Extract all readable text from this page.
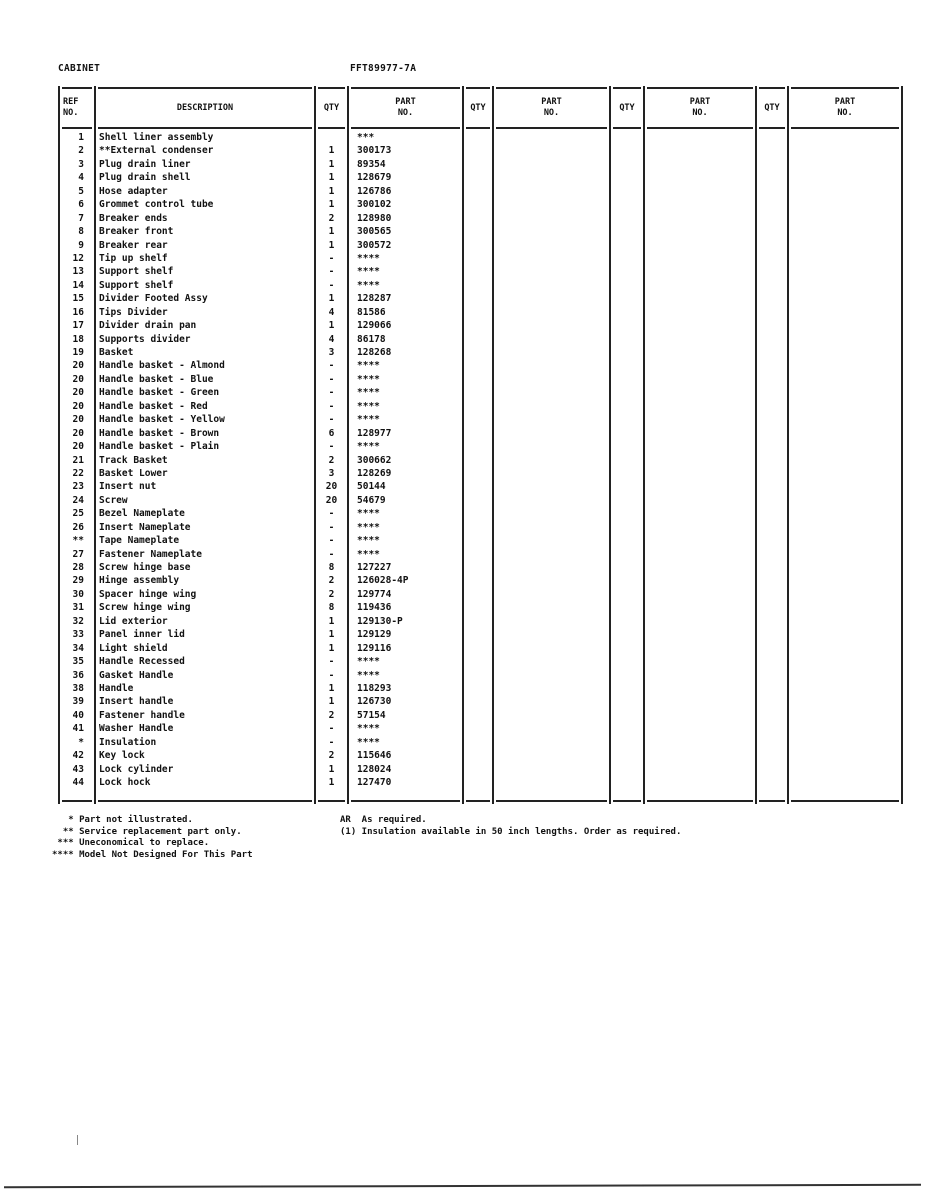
CABINET	FFT89977-7A
REF
NO.
1
2
3
4
5
6
7
8
9
12
13
14
15
16
17
18
19
20
20
20
20
20
20
20
21
22
23
24
25
26
**
27
28
29
30
31
32
33
34
35
36
38
39
40
41
*
42
43
44
DESCRIPTION
Shell liner assembly
**External condenser
Plug drain liner
Plug drain shell
Hose adapter
Grommet control tube
Breaker ends
Breaker front
Breaker rear
Tip up shelf
Support shelf
Support shelf
Divider Footed Assy
Tips Divider
Divider drain pan
Supports divider
Basket
Handle basket - Almond
Handle basket - Blue
Handle basket - Green
Handle basket - Red
Handle basket - Yellow
Handle basket - Brown
Handle basket - Plain
Track Basket
Basket Lower
Insert nut
Screw
Bezel Nameplate
Insert Nameplate
Tape Nameplate
Fastener Nameplate
Screw hinge base
Hinge assembly
Spacer hinge wing
Screw hinge wing
Lid exterior
Panel inner lid
Light shield
Handle Recessed
Gasket Handle
Handle
Insert handle
Fastener handle
Washer Handle
Insulation
Key lock
Lock cylinder
Lock hock
QTY
1
1
1
1
1
2
1
1
-
-
-
1
4
1
4
3
-
-
-
-
-
6
-
2
3
20
20
-
-
-
-
8
2
2
8
1
1
1
-
-
1
1
2
-
-
2
1
1
PART
NO.
***
300173
89354
128679
126786
300102
128980
300565
300572
****
****
****
128287
81586
129066
86178
128268
****
****
****
****
****
128977
****
300662
128269
50144
54679
****
****
****
****
127227
126028-4P
129774
119436
129130-P
129129
129116
****
****
118293
126730
57154
****
****
115646
128024
127470
QTY
PART
NO.
QTY
PART
NO.
QTY
PART
NO.
* Part not illustrated.
** Service replacement part only.
*** Uneconomical to replace.
**** Model Not Designed For This Part
AR  As required.
(1) Insulation available in 50 inch lengths. Order as required.
